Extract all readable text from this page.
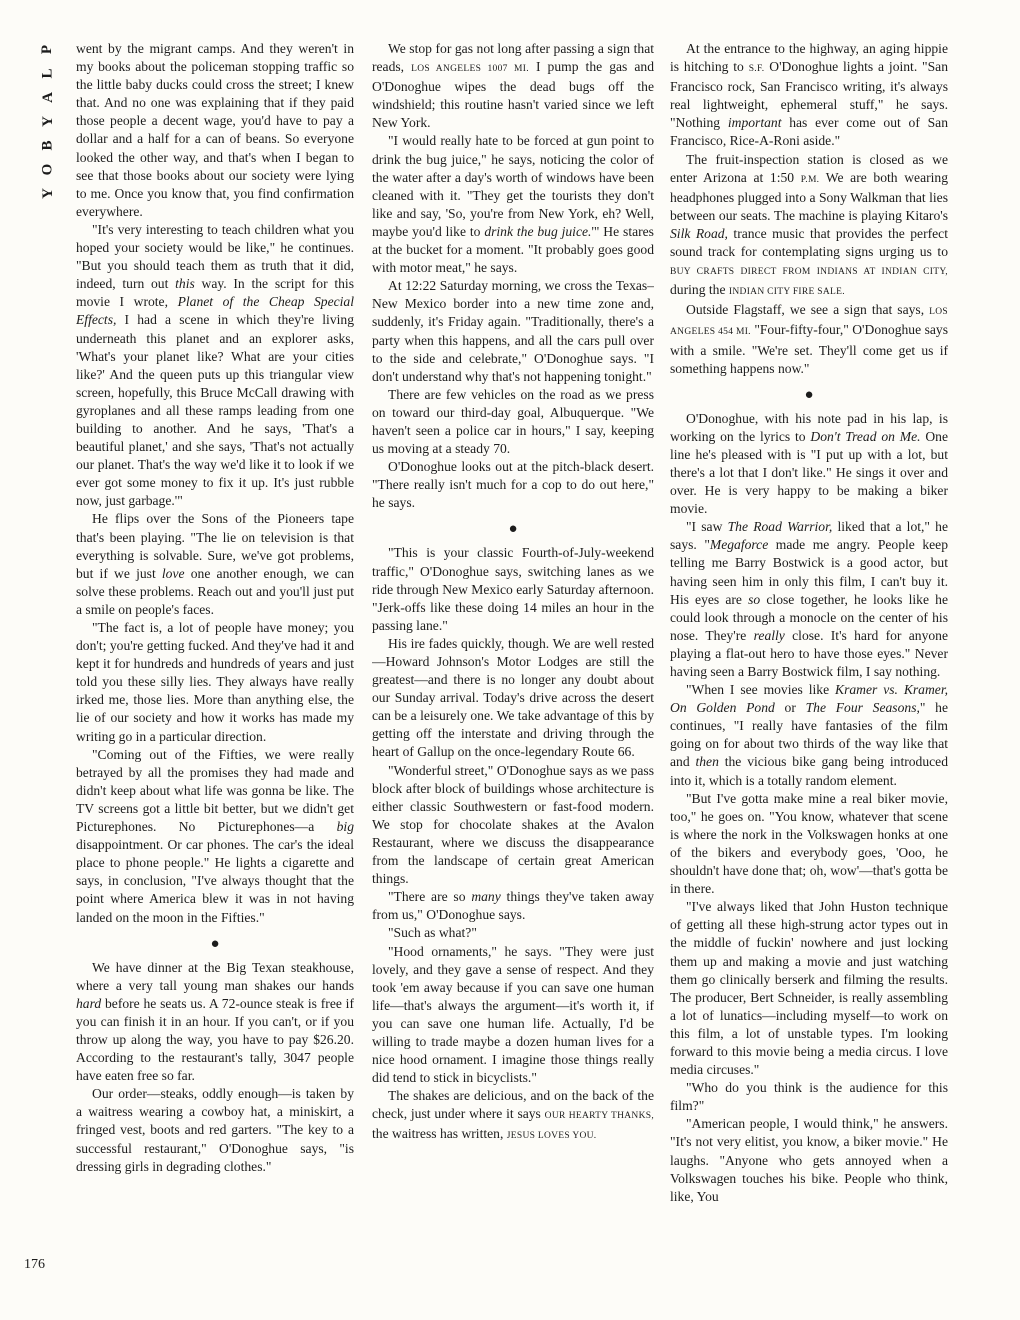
P
L
A
Y
B
O
Y
176

went by the migrant camps. And they weren't in my books about the policeman stopping traffic so the little baby ducks could cross the street; I knew that. And no one was explaining that if they paid those people a decent wage, you'd have to pay a dollar and a half for a can of beans. So everyone looked the other way, and that's when I began to see that those books about our society were lying to me. Once you know that, you find confirmation everywhere.

"It's very interesting to teach children what you hoped your society would be like," he continues. "But you should teach them as truth that it did, indeed, turn out this way. In the script for this movie I wrote, Planet of the Cheap Special Effects, I had a scene in which they're living underneath this planet and an explorer asks, 'What's your planet like? What are your cities like?' And the queen puts up this triangular view screen, hopefully, this Bruce McCall drawing with gyroplanes and all these ramps leading from one building to another. And he says, 'That's a beautiful planet,' and she says, 'That's not actually our planet. That's the way we'd like it to look if we ever got some money to fix it up. It's just rubble now, just garbage.'"

He flips over the Sons of the Pioneers tape that's been playing. "The lie on television is that everything is solvable. Sure, we've got problems, but if we just love one another enough, we can solve these problems. Reach out and you'll just put a smile on people's faces.

"The fact is, a lot of people have money; you don't; you're getting fucked. And they've had it and kept it for hundreds and hundreds of years and just told you these silly lies. They always have really irked me, those lies. More than anything else, the lie of our society and how it works has made my writing go in a particular direction.

"Coming out of the Fifties, we were really betrayed by all the promises they had made and didn't keep about what life was gonna be like. The TV screens got a little bit better, but we didn't get Picturephones. No Picturephones—a big disappointment. Or car phones. The car's the ideal place to phone people." He lights a cigarette and says, in conclusion, "I've always thought that the point where America blew it was in not having landed on the moon in the Fifties."

●

We have dinner at the Big Texan steakhouse, where a very tall young man shakes our hands hard before he seats us. A 72-ounce steak is free if you can finish it in an hour. If you can't, or if you throw up along the way, you have to pay $26.20. According to the restaurant's tally, 3047 people have eaten free so far.

Our order—steaks, oddly enough—is taken by a waitress wearing a cowboy hat, a miniskirt, a fringed vest, boots and red garters. "The key to a successful restaurant," O'Donoghue says, "is dressing girls in degrading clothes."

We stop for gas not long after passing a sign that reads, LOS ANGELES 1007 MI. I pump the gas and O'Donoghue wipes the dead bugs off the windshield; this routine hasn't varied since we left New York.

"I would really hate to be forced at gun point to drink the bug juice," he says, noticing the color of the water after a day's worth of windows have been cleaned with it. "They get the tourists they don't like and say, 'So, you're from New York, eh? Well, maybe you'd like to drink the bug juice.'" He stares at the bucket for a moment. "It probably goes good with motor meat," he says.

At 12:22 Saturday morning, we cross the Texas–New Mexico border into a new time zone and, suddenly, it's Friday again. "Traditionally, there's a party when this happens, and all the cars pull over to the side and celebrate," O'Donoghue says. "I don't understand why that's not happening tonight."

There are few vehicles on the road as we press on toward our third-day goal, Albuquerque. "We haven't seen a police car in hours," I say, keeping us moving at a steady 70.

O'Donoghue looks out at the pitch-black desert. "There really isn't much for a cop to do out here," he says.

●

"This is your classic Fourth-of-July-weekend traffic," O'Donoghue says, switching lanes as we ride through New Mexico early Saturday afternoon. "Jerk-offs like these doing 14 miles an hour in the passing lane."

His ire fades quickly, though. We are well rested—Howard Johnson's Motor Lodges are still the greatest—and there is no longer any doubt about our Sunday arrival. Today's drive across the desert can be a leisurely one. We take advantage of this by getting off the interstate and driving through the heart of Gallup on the once-legendary Route 66.

"Wonderful street," O'Donoghue says as we pass block after block of buildings whose architecture is either classic Southwestern or fast-food modern. We stop for chocolate shakes at the Avalon Restaurant, where we discuss the disappearance from the landscape of certain great American things.

"There are so many things they've taken away from us," O'Donoghue says.

"Such as what?"

"Hood ornaments," he says. "They were just lovely, and they gave a sense of respect. And they took 'em away because if you can save one human life—that's always the argument—it's worth it, if you can save one human life. Actually, I'd be willing to trade maybe a dozen human lives for a nice hood ornament. I imagine those things really did tend to stick in bicyclists."

The shakes are delicious, and on the back of the check, just under where it says OUR HEARTY THANKS, the waitress has written, JESUS LOVES YOU.

At the entrance to the highway, an aging hippie is hitching to S.F. O'Donoghue lights a joint. "San Francisco rock, San Francisco writing, it's always real lightweight, ephemeral stuff," he says. "Nothing important has ever come out of San Francisco, Rice-A-Roni aside."

The fruit-inspection station is closed as we enter Arizona at 1:50 P.M. We are both wearing headphones plugged into a Sony Walkman that lies between our seats. The machine is playing Kitaro's Silk Road, trance music that provides the perfect sound track for contemplating signs urging us to BUY CRAFTS DIRECT FROM INDIANS AT INDIAN CITY, during the INDIAN CITY FIRE SALE.

Outside Flagstaff, we see a sign that says, LOS ANGELES 454 MI. "Four-fifty-four," O'Donoghue says with a smile. "We're set. They'll come get us if something happens now."

●

O'Donoghue, with his note pad in his lap, is working on the lyrics to Don't Tread on Me. One line he's pleased with is "I put up with a lot, but there's a lot that I don't like." He sings it over and over. He is very happy to be making a biker movie.

"I saw The Road Warrior, liked that a lot," he says. "Megaforce made me angry. People keep telling me Barry Bostwick is a good actor, but having seen him in only this film, I can't buy it. His eyes are so close together, he looks like he could look through a monocle on the center of his nose. They're really close. It's hard for anyone playing a flat-out hero to have those eyes." Never having seen a Barry Bostwick film, I say nothing.

"When I see movies like Kramer vs. Kramer, On Golden Pond or The Four Seasons," he continues, "I really have fantasies of the film going on for about two thirds of the way like that and then the vicious bike gang being introduced into it, which is a totally random element.

"But I've gotta make mine a real biker movie, too," he goes on. "You know, whatever that scene is where the nork in the Volkswagen honks at one of the bikers and everybody goes, 'Ooo, he shouldn't have done that; oh, wow'—that's gotta be in there.

"I've always liked that John Huston technique of getting all these high-strung actor types out in the middle of fuckin' nowhere and just locking them up and making a movie and just watching them go clinically berserk and filming the results. The producer, Bert Schneider, is really assembling a lot of lunatics—including myself—to work on this film, a lot of unstable types. I'm looking forward to this movie being a media circus. I love media circuses."

"Who do you think is the audience for this film?"

"American people, I would think," he answers. "It's not very elitist, you know, a biker movie." He laughs. "Anyone who gets annoyed when a Volkswagen touches his bike. People who think, like, You
